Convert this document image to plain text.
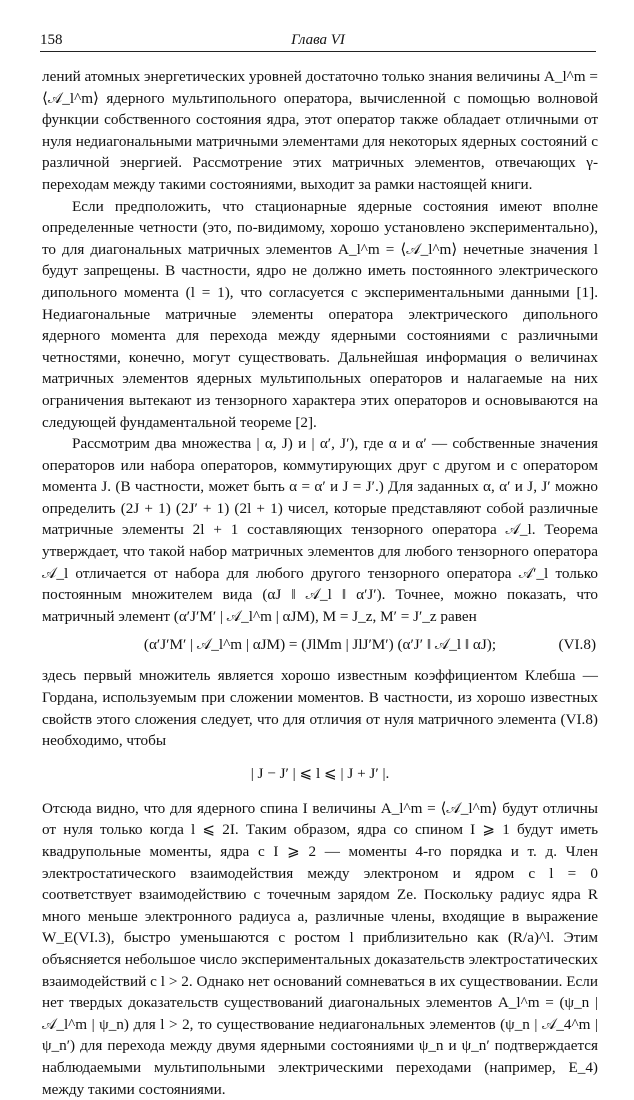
158	Глава VI

лений атомных энергетических уровней достаточно только знания величины A_l^m = ⟨𝒜_l^m⟩ ядерного мультипольного оператора, вычисленной с помощью волновой функции собственного состояния ядра, этот оператор также обладает отличными от нуля недиагональными матричными элементами для некоторых ядерных состояний с различной энергией. Рассмотрение этих матричных элементов, отвечающих γ-переходам между такими состояниями, выходит за рамки настоящей книги.

Если предположить, что стационарные ядерные состояния имеют вполне определенные четности (это, по-видимому, хорошо установлено экспериментально), то для диагональных матричных элементов A_l^m = ⟨𝒜_l^m⟩ нечетные значения l будут запрещены. В частности, ядро не должно иметь постоянного электрического дипольного момента (l = 1), что согласуется с экспериментальными данными [1]. Недиагональные матричные элементы оператора электрического дипольного ядерного момента для перехода между ядерными состояниями с различными четностями, конечно, могут существовать. Дальнейшая информация о величинах матричных элементов ядерных мультипольных операторов и налагаемые на них ограничения вытекают из тензорного характера этих операторов и основываются на следующей фундаментальной теореме [2].

Рассмотрим два множества | α, J) и | α′, J′), где α и α′ — собственные значения операторов или набора операторов, коммутирующих друг с другом и с оператором момента J. (В частности, может быть α = α′ и J = J′.) Для заданных α, α′ и J, J′ можно определить (2J + 1) (2J′ + 1) (2l + 1) чисел, которые представляют собой различные матричные элементы 2l + 1 составляющих тензорного оператора 𝒜_l. Теорема утверждает, что такой набор матричных элементов для любого тензорного оператора 𝒜_l отличается от набора для любого другого тензорного оператора 𝒜′_l только постоянным множителем вида (αJ ‖ 𝒜_l ‖ α′J′). Точнее, можно показать, что матричный элемент (α′J′M′ | 𝒜_l^m | αJM), M = J_z, M′ = J′_z равен

(α′J′M′ | 𝒜_l^m | αJM) = (JlMm | JlJ′M′) (α′J′ ‖ 𝒜_l ‖ αJ);	(VI.8)

здесь первый множитель является хорошо известным коэффициентом Клебша — Гордана, используемым при сложении моментов. В частности, из хорошо известных свойств этого сложения следует, что для отличия от нуля матричного элемента (VI.8) необходимо, чтобы

| J − J′ | ⩽ l ⩽ | J + J′ |.

Отсюда видно, что для ядерного спина I величины A_l^m = ⟨𝒜_l^m⟩ будут отличны от нуля только когда l ⩽ 2I. Таким образом, ядра со спином I ⩾ 1 будут иметь квадрупольные моменты, ядра с I ⩾ 2 — моменты 4-го порядка и т. д. Член электростатического взаимодействия между электроном и ядром с l = 0 соответствует взаимодействию с точечным зарядом Ze. Поскольку радиус ядра R много меньше электронного радиуса a, различные члены, входящие в выражение W_E(VI.3), быстро уменьшаются с ростом l приблизительно как (R/a)^l. Этим объясняется небольшое число экспериментальных доказательств электростатических взаимодействий с l > 2. Однако нет оснований сомневаться в их существовании. Если нет твердых доказательств существований диагональных элементов A_l^m = (ψ_n | 𝒜_l^m | ψ_n) для l > 2, то существование недиагональных элементов (ψ_n | 𝒜_4^m | ψ_n′) для перехода между двумя ядерными состояниями ψ_n и ψ_n′ подтверждается наблюдаемыми мультипольными электрическими переходами (например, E_4) между такими состояниями.
